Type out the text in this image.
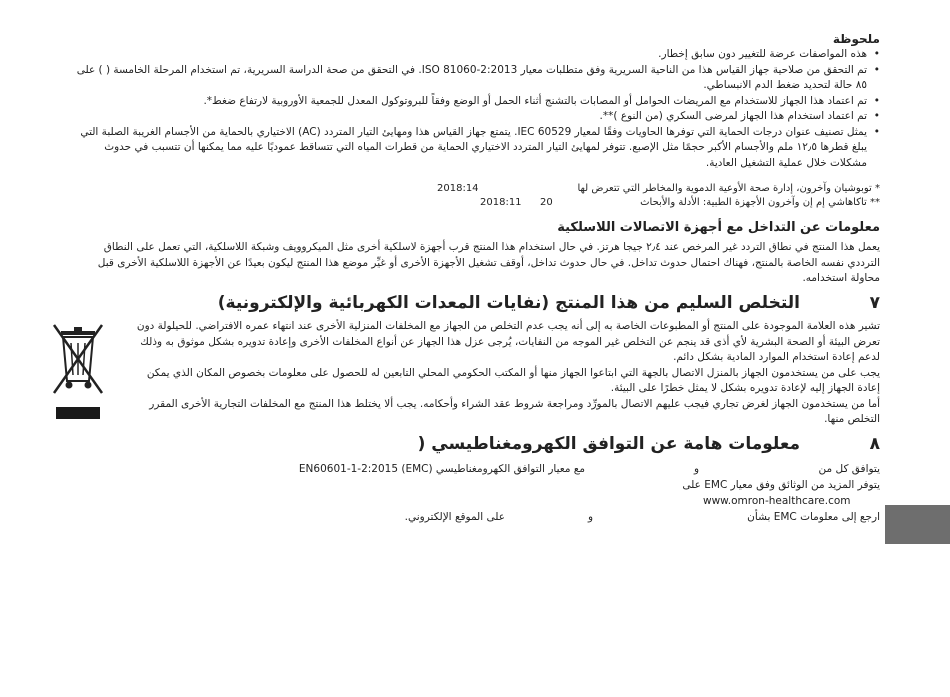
ملحوظة
• هذه المواصفات عرضة للتغيير دون سابق إخطار.
• تم التحقق من صلاحية جهاز القياس هذا من الناحية السريرية وفق متطلبات معيار ISO 81060-2:2013. في التحقق من صحة الدراسة السريرية، تم استخدام المرحلة الخامسة ( ) على ٨٥ حالة لتحديد ضغط الدم الانبساطي.
• تم اعتماد هذا الجهاز للاستخدام مع المريضات الحوامل أو المصابات بالتشنج أثناء الحمل أو الوضع وفقاً للبروتوكول المعدل للجمعية الأوروبية لارتفاع ضغط*.
• تم اعتماد استخدام هذا الجهاز لمرضى السكري (من النوع )**.
• يمثل تصنيف عنوان درجات الحماية التي توفرها الحاويات وفقًا لمعيار IEC 60529. يتمتع جهاز القياس هذا ومهايئ التيار المتردد (AC) الاختياري بالحماية من الأجسام الغريبة الصلبة التي يبلغ قطرها ١٢٫٥ ملم والأجسام الأكبر حجمًا مثل الإصبع. تتوفر لمهايئ التيار المتردد الاختياري الحماية من قطرات المياه التي تتساقط عموديًا عليه مما يمكنها أن تتسبب في حدوث مشكلات خلال عملية التشغيل العادية.
* توبوشيان وآخرون، إدارة صحة الأوعية الدموية والمخاطر التي تتعرض لها
2018:14
** تاكاهاشي إم إن وآخرون الأجهزة الطبية: الأدلة والأبحاث
20
2018:11
معلومات عن التداخل مع أجهزة الاتصالات اللاسلكية
يعمل هذا المنتج في نطاق التردد غير المرخص عند ٢٫٤ جيجا هرتز. في حال استخدام هذا المنتج قرب أجهزة لاسلكية أخرى مثل الميكروويف وشبكة اللاسلكية، التي تعمل على النطاق الترددي نفسه الخاصة بالمنتج، فهناك احتمال حدوث تداخل. في حال حدوث تداخل، أوقف تشغيل الأجهزة الأخرى أو غيِّر موضع هذا المنتج ليكون بعيدًا عن الأجهزة اللاسلكية الأخرى قبل محاولة استخدامه.
٧
التخلص السليم من هذا المنتج (نفايات المعدات الكهربائية والإلكترونية)
تشير هذه العلامة الموجودة على المنتج أو المطبوعات الخاصة به إلى أنه يجب عدم التخلص من الجهاز مع المخلفات المنزلية الأخرى عند انتهاء عمره الافتراضي. للحيلولة دون تعرض البيئة أو الصحة البشرية لأي أذى قد ينجم عن التخلص غير الموجه من النفايات، يُرجى عزل هذا الجهاز عن أنواع المخلفات الأخرى وإعادة تدويره بشكل موثوق به وذلك لدعم إعادة استخدام الموارد المادية بشكل دائم.
يجب على من يستخدمون الجهاز بالمنزل الاتصال بالجهة التي ابتاعوا الجهاز منها أو المكتب الحكومي المحلي التابعين له للحصول على معلومات بخصوص المكان الذي يمكن إعادة الجهاز إليه لإعادة تدويره بشكل لا يمثل خطرًا على البيئة.
أما من يستخدمون الجهاز لغرض تجاري فيجب عليهم الاتصال بالمورِّد ومراجعة شروط عقد الشراء وأحكامه. يجب ألا يختلط هذا المنتج مع المخلفات التجارية الأخرى المقرر التخلص منها.
٨
معلومات هامة عن التوافق الكهرومغناطيسي (
يتوافق كل من
و
مع معيار التوافق الكهرومغناطيسي (EMC) EN60601-1-2:2015
يتوفر المزيد من الوثائق وفق معيار EMC على
www.omron-healthcare.com
ارجع إلى معلومات EMC بشأن
و
على الموقع الإلكتروني.
